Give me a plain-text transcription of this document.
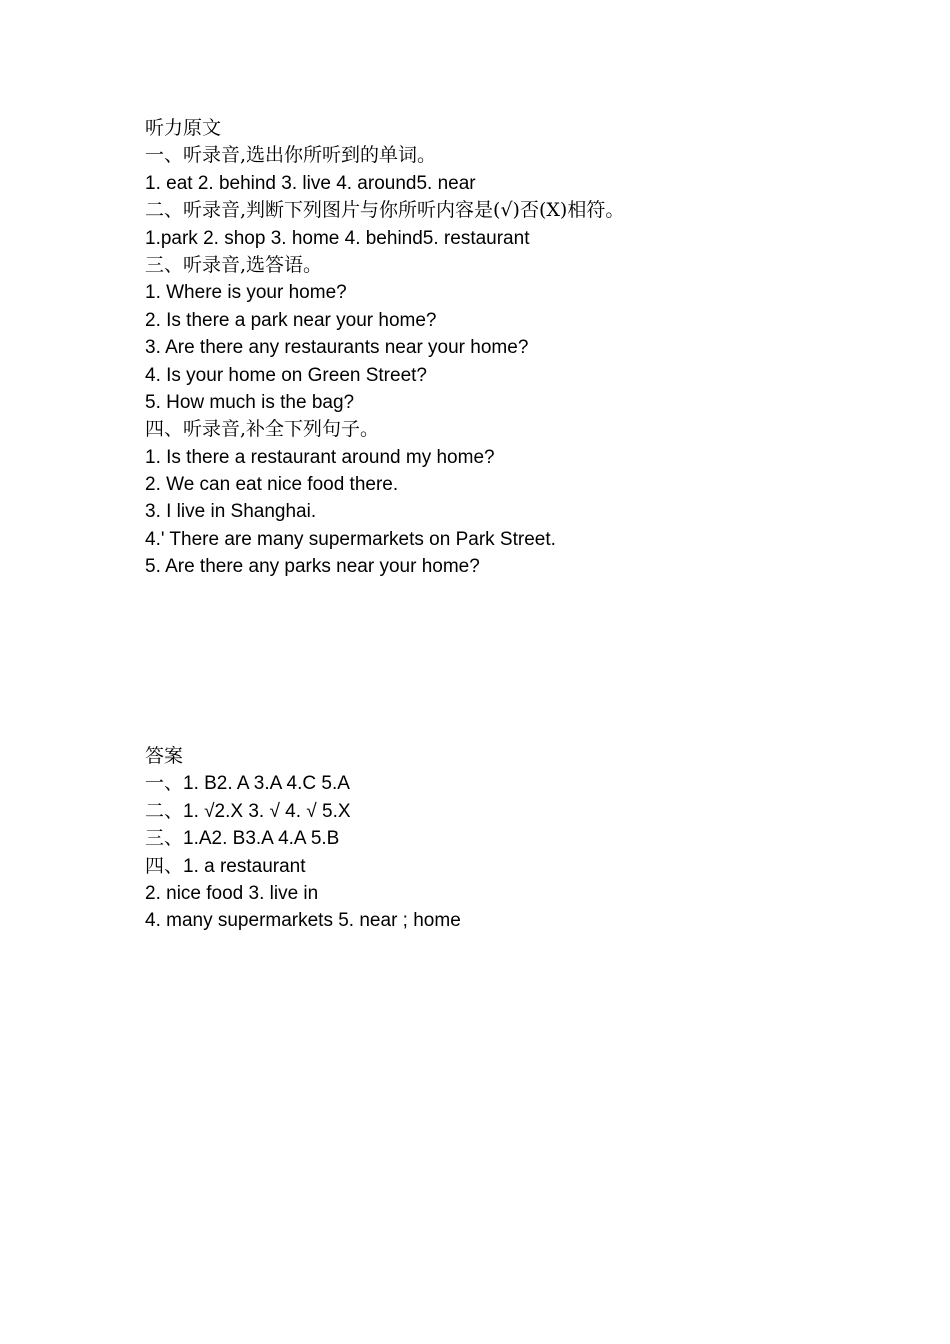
听力原文
一、听录音,选出你所听到的单词。
1. eat 2. behind 3. live 4. around5. near
二、听录音,判断下列图片与你所听内容是(√)否(X)相符。
1.park 2. shop 3. home 4. behind5. restaurant
三、听录音,选答语。
1. Where is your home?
2. Is there a park near your home?
3. Are there any restaurants near your home?
4. Is your home on Green Street?
5. How much is the bag?
四、听录音,补全下列句子。
1. Is there a restaurant around my home?
2. We can eat nice food there.
3. I live in Shanghai.
4.' There are many supermarkets on Park Street.
5. Are there any parks near your home?
答案
一、1. B2. A 3.A 4.C 5.A
二、1. √2.X 3. √ 4. √ 5.X
三、1.A2. B3.A 4.A 5.B
四、1. a restaurant
2. nice food 3. live in
4. many supermarkets 5. near ; home
